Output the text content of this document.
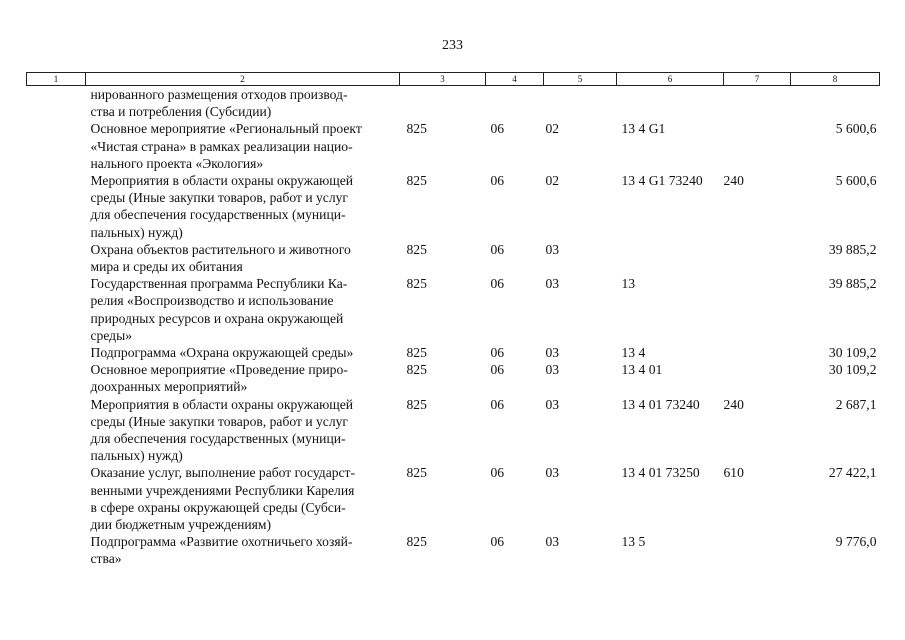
233
1	2	3	4	5	6	7	8

	нированного размещения отходов производ-
ства и потребления (Субсидии)						

	Основное мероприятие «Региональный проект
«Чистая страна» в рамках реализации нацио-
нального проекта «Экология»	825	06	02	13 4 G1		5 600,6

	Мероприятия в области охраны окружающей
среды (Иные закупки товаров, работ и услуг
для обеспечения государственных (муници-
пальных) нужд)	825	06	02	13 4 G1 73240	240	5 600,6

	Охрана объектов растительного и животного
мира и среды их обитания	825	06	03			39 885,2

	Государственная программа Республики Ка-
релия «Воспроизводство и использование
природных ресурсов и охрана окружающей
среды»	825	06	03	13		39 885,2

	Подпрограмма «Охрана окружающей среды»	825	06	03	13 4		30 109,2

	Основное мероприятие «Проведение приро-
доохранных мероприятий»	825	06	03	13 4 01		30 109,2

	Мероприятия в области охраны окружающей
среды (Иные закупки товаров, работ и услуг
для обеспечения государственных (муници-
пальных) нужд)	825	06	03	13 4 01 73240	240	2 687,1

	Оказание услуг, выполнение работ государст-
венными учреждениями Республики Карелия
в сфере охраны окружающей среды (Субси-
дии бюджетным учреждениям)	825	06	03	13 4 01 73250	610	27 422,1

	Подпрограмма «Развитие охотничьего хозяй-
ства»	825	06	03	13 5		9 776,0
